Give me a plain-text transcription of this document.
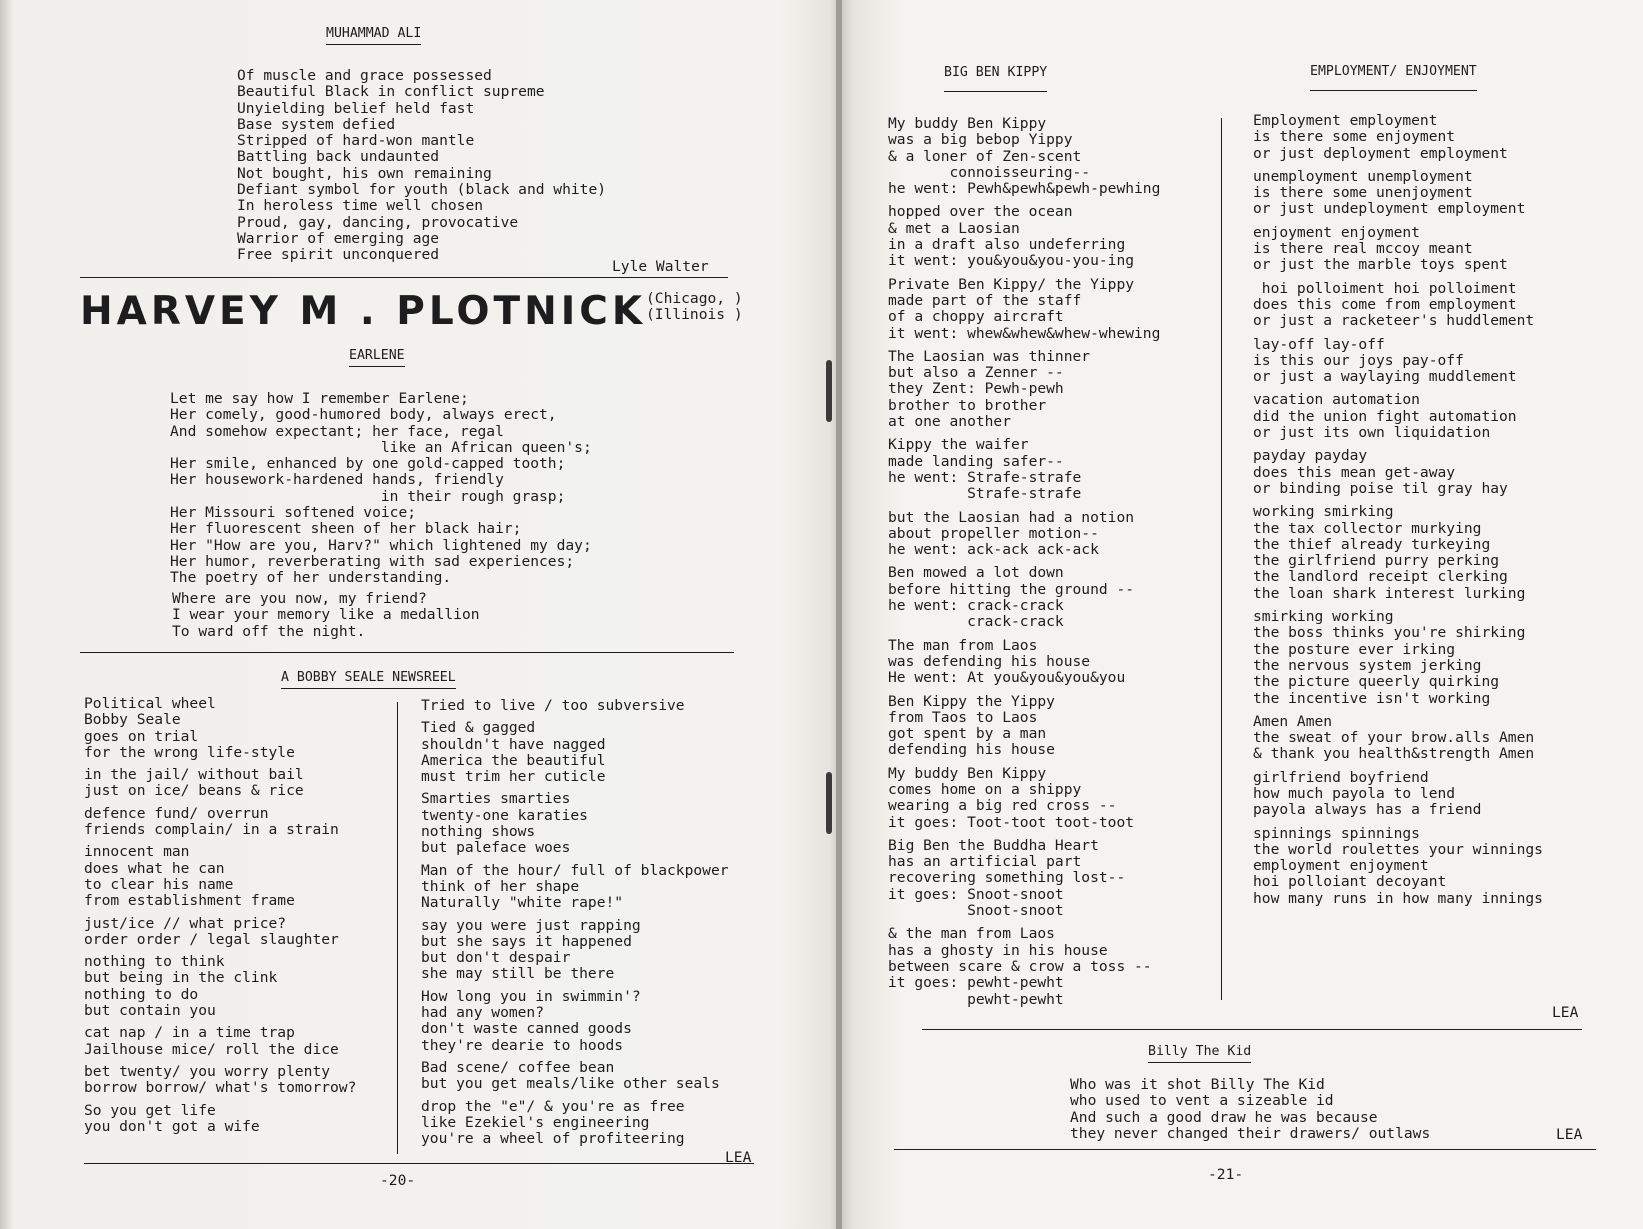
MUHAMMAD ALI
Of muscle and grace possessed
Beautiful Black in conflict supreme
Unyielding belief held fast
Base system defied
Stripped of hard-won mantle
Battling back undaunted
Not bought, his own remaining
Defiant symbol for youth (black and white)
In heroless time well chosen
Proud, gay, dancing, provocative
Warrior of emerging age
Free spirit unconquered
Lyle Walter
HARVEY M . PLOTNICK (Chicago, )
(Illinois )
EARLENE
Let me say how I remember Earlene;
Her comely, good-humored body, always erect,
And somehow expectant; her face, regal
like an African queen's;
Her smile, enhanced by one gold-capped tooth;
Her housework-hardened hands, friendly
in their rough grasp;
Her Missouri softened voice;
Her fluorescent sheen of her black hair;
Her "How are you, Harv?" which lightened my day;
Her humor, reverberating with sad experiences;
The poetry of her understanding.
Where are you now, my friend?
I wear your memory like a medallion
To ward off the night.
A BOBBY SEALE NEWSREEL
Political wheel
Bobby Seale
goes on trial
for the wrong life-style
in the jail/ without bail
just on ice/ beans & rice
defence fund/ overrun
friends complain/ in a strain
innocent man
does what he can
to clear his name
from establishment frame
just/ice // what price?
order order / legal slaughter
nothing to think
but being in the clink
nothing to do
but contain you
cat nap / in a time trap
Jailhouse mice/ roll the dice
bet twenty/ you worry plenty
borrow borrow/ what's tomorrow?
So you get life
you don't got a wife
Tried to live / too subversive
Tied & gagged
shouldn't have nagged
America the beautiful
must trim her cuticle
Smarties smarties
twenty-one karaties
nothing shows
but paleface woes
Man of the hour/ full of blackpower
think of her shape
Naturally "white rape!"
say you were just rapping
but she says it happened
but don't despair
she may still be there
How long you in swimmin'?
had any women?
don't waste canned goods
they're dearie to hoods
Bad scene/ coffee bean
but you get meals/like other seals
drop the "e"/ & you're as free
like Ezekiel's engineering
you're a wheel of profiteering
LEA
-20-
BIG BEN KIPPY
My buddy Ben Kippy
was a big bebop Yippy
& a loner of Zen-scent
connoisseuring--
he went: Pewh&pewh&pewh-pewhing
hopped over the ocean
& met a Laosian
in a draft also undeferring
it went: you&you&you-you-ing
Private Ben Kippy/ the Yippy
made part of the staff
of a choppy aircraft
it went: whew&whew&whew-whewing
The Laosian was thinner
but also a Zenner --
they Zent: Pewh-pewh
brother to brother
at one another
Kippy the waifer
made landing safer--
he went: Strafe-strafe
Strafe-strafe
but the Laosian had a notion
about propeller motion--
he went: ack-ack ack-ack
Ben mowed a lot down
before hitting the ground --
he went: crack-crack
crack-crack
The man from Laos
was defending his house
He went: At you&you&you&you
Ben Kippy the Yippy
from Taos to Laos
got spent by a man
defending his house
My buddy Ben Kippy
comes home on a shippy
wearing a big red cross --
it goes: Toot-toot toot-toot
Big Ben the Buddha Heart
has an artificial part
recovering something lost--
it goes: Snoot-snoot
Snoot-snoot
& the man from Laos
has a ghosty in his house
between scare & crow a toss --
it goes: pewht-pewht
pewht-pewht
EMPLOYMENT/ ENJOYMENT
Employment employment
is there some enjoyment
or just deployment employment
unemployment unemployment
is there some unenjoyment
or just undeployment employment
enjoyment enjoyment
is there real mccoy meant
or just the marble toys spent
hoi polloiment hoi polloiment
does this come from employment
or just a racketeer's huddlement
lay-off lay-off
is this our joys pay-off
or just a waylaying muddlement
vacation automation
did the union fight automation
or just its own liquidation
payday payday
does this mean get-away
or binding poise til gray hay
working smirking
the tax collector murkying
the thief already turkeying
the girlfriend purry perking
the landlord receipt clerking
the loan shark interest lurking
smirking working
the boss thinks you're shirking
the posture ever irking
the nervous system jerking
the picture queerly quirking
the incentive isn't working
Amen Amen
the sweat of your brow.alls Amen
& thank you health&strength Amen
girlfriend boyfriend
how much payola to lend
payola always has a friend
spinnings spinnings
the world roulettes your winnings
employment enjoyment
hoi polloiant decoyant
how many runs in how many innings
LEA
Billy The Kid
Who was it shot Billy The Kid
who used to vent a sizeable id
And such a good draw he was because
they never changed their drawers/ outlaws	LEA
-21-
